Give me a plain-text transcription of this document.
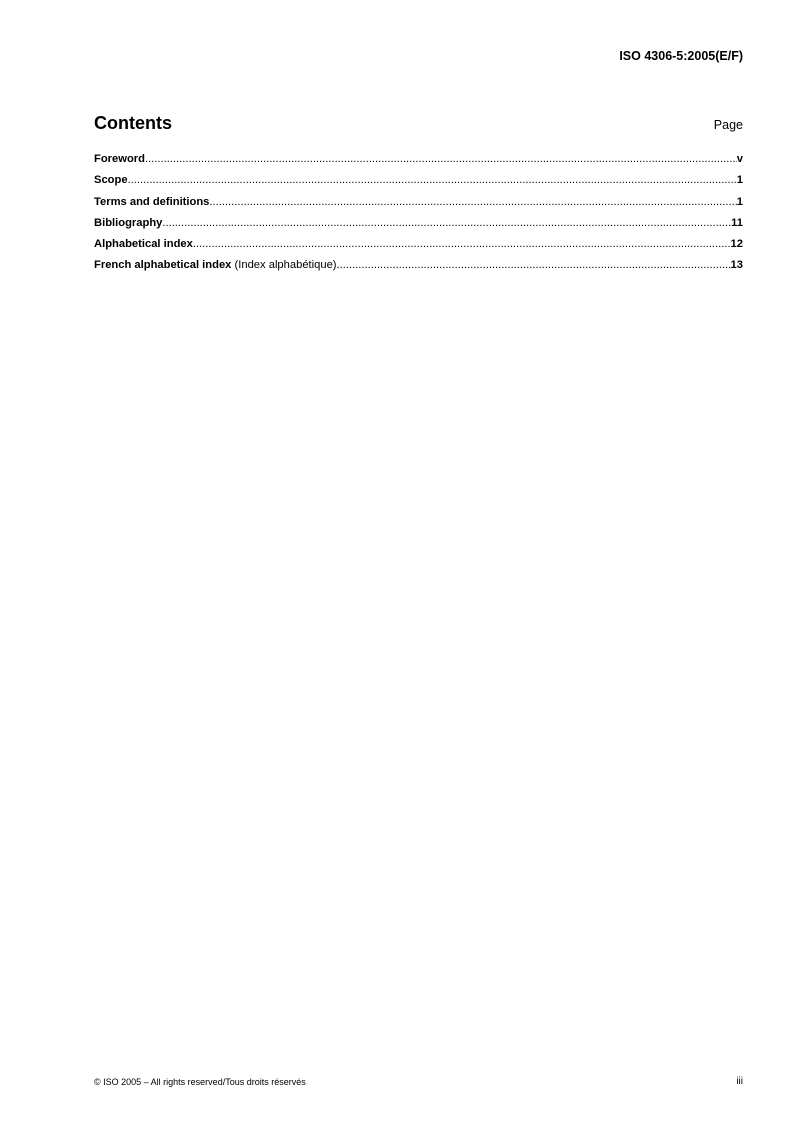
ISO 4306-5:2005(E/F)
Contents	Page
Foreword .....	v
Scope .....	1
Terms and definitions .....	1
Bibliography .....	11
Alphabetical index .....	12
French alphabetical index (Index alphabétique) .....	13
© ISO 2005 – All rights reserved/Tous droits réservés	iii
